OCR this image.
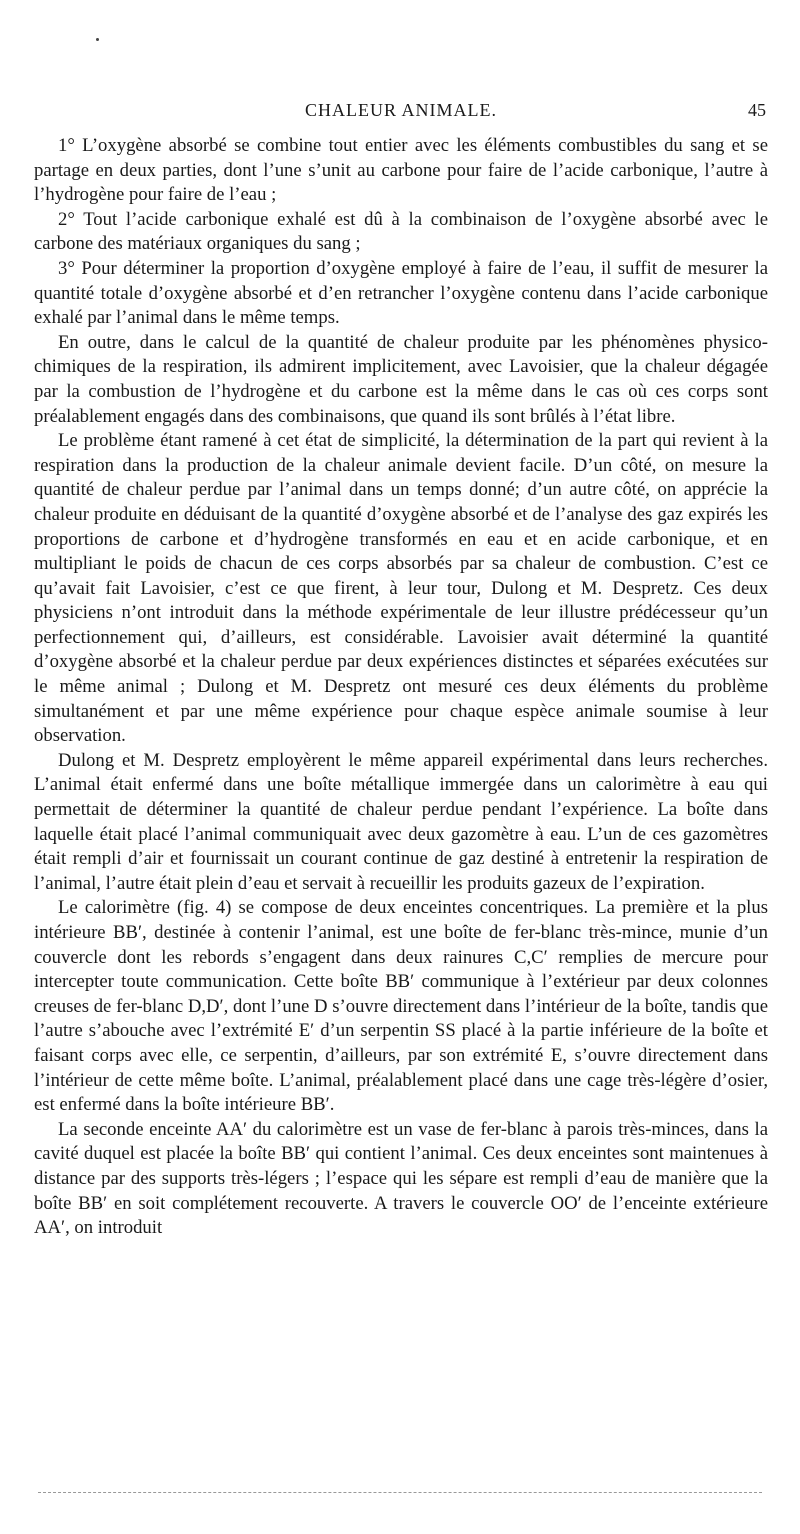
CHALEUR ANIMALE.	45

1° L’oxygène absorbé se combine tout entier avec les éléments combustibles du sang et se partage en deux parties, dont l’une s’unit au carbone pour faire de l’acide carbonique, l’autre à l’hydrogène pour faire de l’eau ;

2° Tout l’acide carbonique exhalé est dû à la combinaison de l’oxygène absorbé avec le carbone des matériaux organiques du sang ;

3° Pour déterminer la proportion d’oxygène employé à faire de l’eau, il suffit de mesurer la quantité totale d’oxygène absorbé et d’en retrancher l’oxygène contenu dans l’acide carbonique exhalé par l’animal dans le même temps.

En outre, dans le calcul de la quantité de chaleur produite par les phénomènes physico-chimiques de la respiration, ils admirent implicitement, avec Lavoisier, que la chaleur dégagée par la combustion de l’hydrogène et du carbone est la même dans le cas où ces corps sont préalablement engagés dans des combinaisons, que quand ils sont brûlés à l’état libre.

Le problème étant ramené à cet état de simplicité, la détermination de la part qui revient à la respiration dans la production de la chaleur animale devient facile. D’un côté, on mesure la quantité de chaleur perdue par l’animal dans un temps donné; d’un autre côté, on apprécie la chaleur produite en déduisant de la quantité d’oxygène absorbé et de l’analyse des gaz expirés les proportions de carbone et d’hydrogène transformés en eau et en acide carbonique, et en multipliant le poids de chacun de ces corps absorbés par sa chaleur de combustion. C’est ce qu’avait fait Lavoisier, c’est ce que firent, à leur tour, Dulong et M. Despretz. Ces deux physiciens n’ont introduit dans la méthode expérimentale de leur illustre prédécesseur qu’un perfectionnement qui, d’ailleurs, est considérable. Lavoisier avait déterminé la quantité d’oxygène absorbé et la chaleur perdue par deux expériences distinctes et séparées exécutées sur le même animal ; Dulong et M. Despretz ont mesuré ces deux éléments du problème simultanément et par une même expérience pour chaque espèce animale soumise à leur observation.

Dulong et M. Despretz employèrent le même appareil expérimental dans leurs recherches. L’animal était enfermé dans une boîte métallique immergée dans un calorimètre à eau qui permettait de déterminer la quantité de chaleur perdue pendant l’expérience. La boîte dans laquelle était placé l’animal communiquait avec deux gazomètre à eau. L’un de ces gazomètres était rempli d’air et fournissait un courant continue de gaz destiné à entretenir la respiration de l’animal, l’autre était plein d’eau et servait à recueillir les produits gazeux de l’expiration.

Le calorimètre (fig. 4) se compose de deux enceintes concentriques. La première et la plus intérieure BB′, destinée à contenir l’animal, est une boîte de fer-blanc très-mince, munie d’un couvercle dont les rebords s’engagent dans deux rainures C,C′ remplies de mercure pour intercepter toute communication. Cette boîte BB′ communique à l’extérieur par deux colonnes creuses de fer-blanc D,D′, dont l’une D s’ouvre directement dans l’intérieur de la boîte, tandis que l’autre s’abouche avec l’extrémité E′ d’un serpentin SS placé à la partie inférieure de la boîte et faisant corps avec elle, ce serpentin, d’ailleurs, par son extrémité E, s’ouvre directement dans l’intérieur de cette même boîte. L’animal, préalablement placé dans une cage très-légère d’osier, est enfermé dans la boîte intérieure BB′.

La seconde enceinte AA′ du calorimètre est un vase de fer-blanc à parois très-minces, dans la cavité duquel est placée la boîte BB′ qui contient l’animal. Ces deux enceintes sont maintenues à distance par des supports très-légers ; l’espace qui les sépare est rempli d’eau de manière que la boîte BB′ en soit complétement recouverte. A travers le couvercle OO′ de l’enceinte extérieure AA′, on introduit
